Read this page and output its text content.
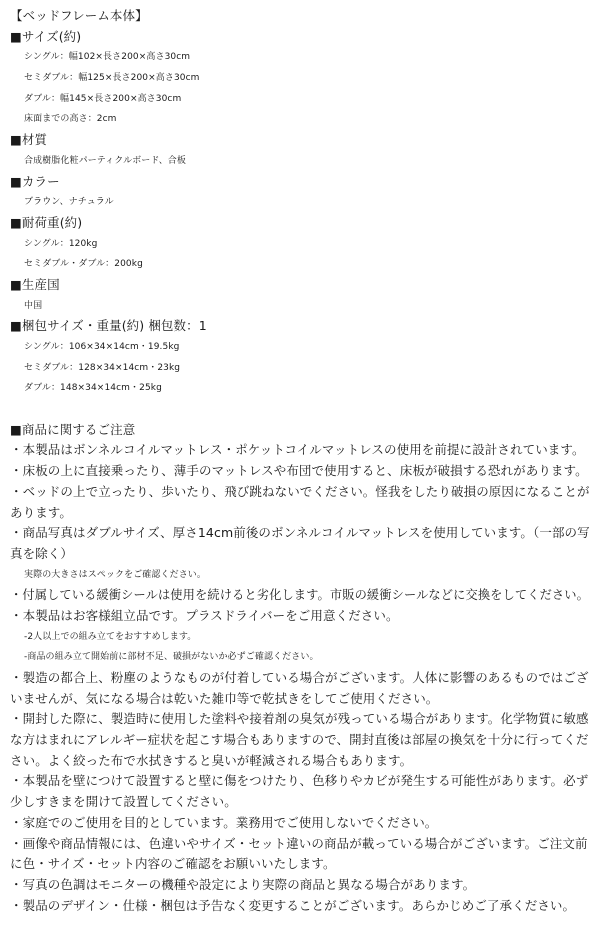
【ベッドフレーム本体】
■サイズ(約)
シングル：幅102×長さ200×高さ30cm
セミダブル：幅125×長さ200×高さ30cm
ダブル：幅145×長さ200×高さ30cm
床面までの高さ：2cm
■材質
合成樹脂化粧パーティクルボード、合板
■カラー
ブラウン、ナチュラル
■耐荷重(約)
シングル：120kg
セミダブル・ダブル：200kg
■生産国
中国
■梱包サイズ・重量(約) 梱包数：1
シングル：106×34×14cm・19.5kg
セミダブル：128×34×14cm・23kg
ダブル：148×34×14cm・25kg
■商品に関するご注意
・本製品はボンネルコイルマットレス・ポケットコイルマットレスの使用を前提に設計されています。
・床板の上に直接乗ったり、薄手のマットレスや布団で使用すると、床板が破損する恐れがあります。
・ベッドの上で立ったり、歩いたり、飛び跳ねないでください。怪我をしたり破損の原因になることが
あります。
・商品写真はダブルサイズ、厚さ14cm前後のボンネルコイルマットレスを使用しています。（一部の写
真を除く）
実際の大きさはスペックをご確認ください。
・付属している緩衝シールは使用を続けると劣化します。市販の緩衝シールなどに交換をしてください。
・本製品はお客様組立品です。プラスドライバーをご用意ください。
-2人以上での組み立てをおすすめします。
-商品の組み立て開始前に部材不足、破損がないか必ずご確認ください。
・製造の都合上、粉塵のようなものが付着している場合がございます。人体に影響のあるものではござ
いませんが、気になる場合は乾いた雑巾等で乾拭きをしてご使用ください。
・開封した際に、製造時に使用した塗料や接着剤の臭気が残っている場合があります。化学物質に敏感
な方はまれにアレルギー症状を起こす場合もありますので、開封直後は部屋の換気を十分に行ってくだ
さい。よく絞った布で水拭きすると臭いが軽減される場合もあります。
・本製品を壁につけて設置すると壁に傷をつけたり、色移りやカビが発生する可能性があります。必ず
少しすきまを開けて設置してください。
・家庭でのご使用を目的としています。業務用でご使用しないでください。
・画像や商品情報には、色違いやサイズ・セット違いの商品が載っている場合がございます。ご注文前
に色・サイズ・セット内容のご確認をお願いいたします。
・写真の色調はモニターの機種や設定により実際の商品と異なる場合があります。
・製品のデザイン・仕様・梱包は予告なく変更することがございます。あらかじめご了承ください。
